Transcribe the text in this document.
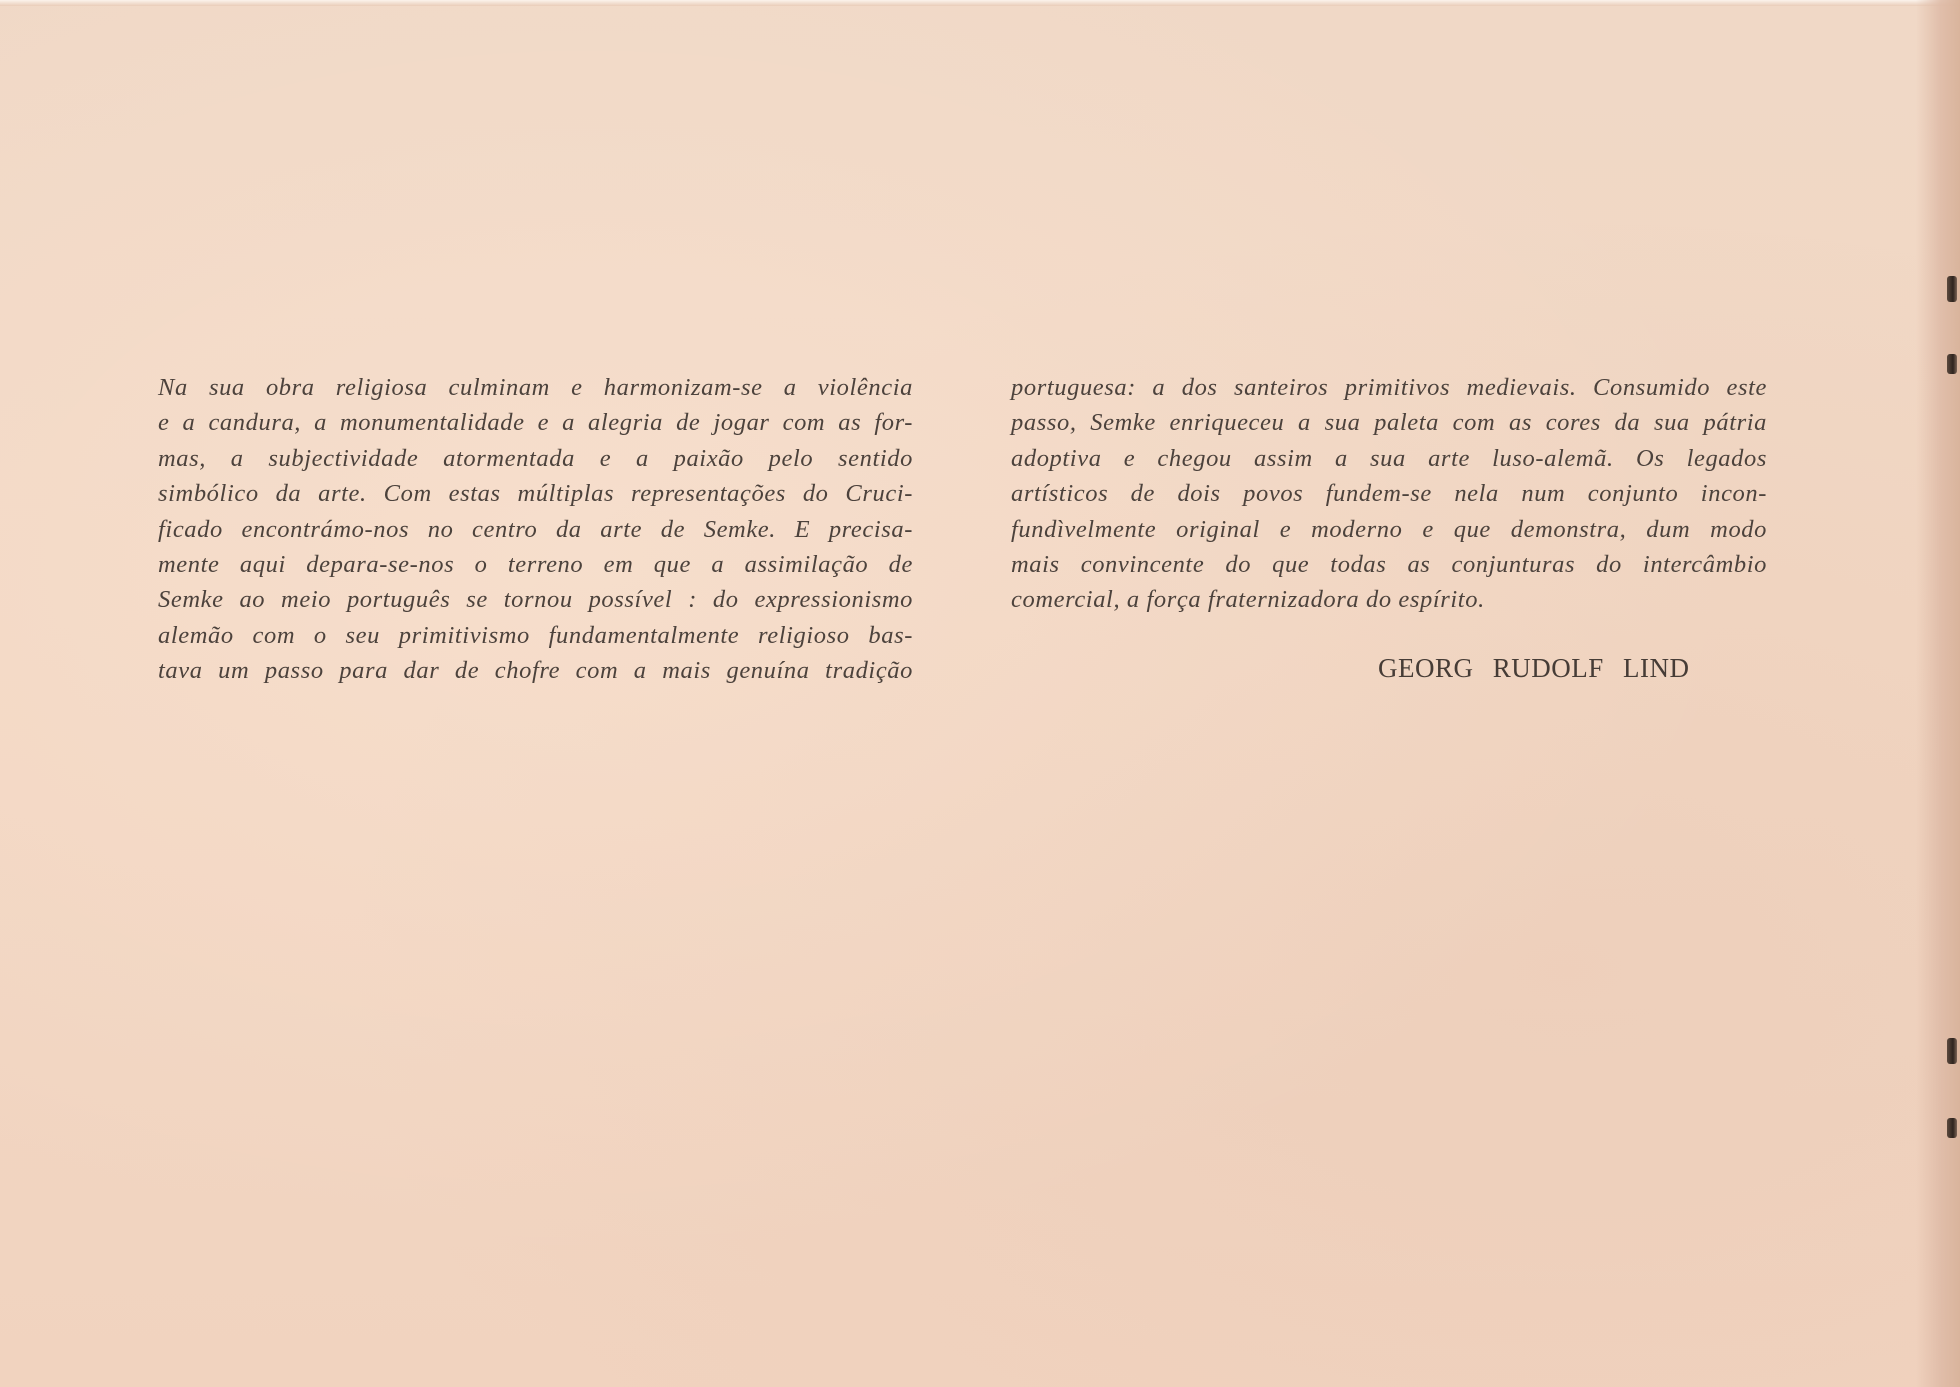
Na sua obra religiosa culminam e harmonizam-se a violência
e a candura, a monumentalidade e a alegria de jogar com as for-
mas, a subjectividade atormentada e a paixão pelo sentido
simbólico da arte. Com estas múltiplas representações do Cruci-
ficado encontrámo-nos no centro da arte de Semke. E precisa-
mente aqui depara-se-nos o terreno em que a assimilação de
Semke ao meio português se tornou possível : do expressionismo
alemão com o seu primitivismo fundamentalmente religioso bas-
tava um passo para dar de chofre com a mais genuína tradição
portuguesa: a dos santeiros primitivos medievais. Consumido este
passo, Semke enriqueceu a sua paleta com as cores da sua pátria
adoptiva e chegou assim a sua arte luso-alemã. Os legados
artísticos de dois povos fundem-se nela num conjunto incon-
fundìvelmente original e moderno e que demonstra, dum modo
mais convincente do que todas as conjunturas do intercâmbio
comercial, a força fraternizadora do espírito.
GEORG RUDOLF LIND
